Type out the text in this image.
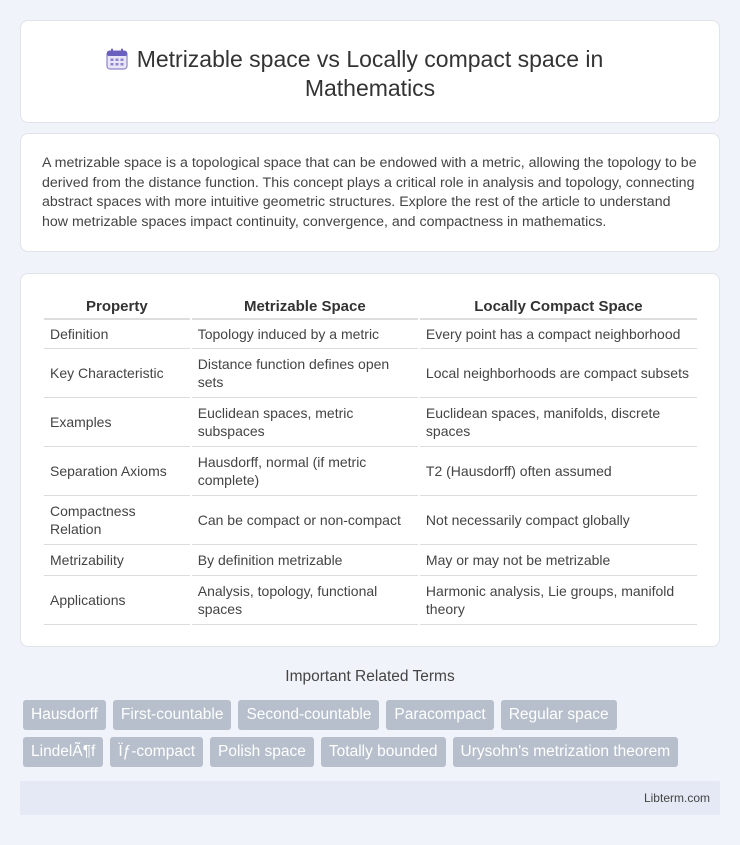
Metrizable space vs Locally compact space in Mathematics

A metrizable space is a topological space that can be endowed with a metric, allowing the topology to be derived from the distance function. This concept plays a critical role in analysis and topology, connecting abstract spaces with more intuitive geometric structures. Explore the rest of the article to understand how metrizable spaces impact continuity, convergence, and compactness in mathematics.

Property	Metrizable Space	Locally Compact Space
Definition	Topology induced by a metric	Every point has a compact neighborhood
Key Characteristic	Distance function defines open sets	Local neighborhoods are compact subsets
Examples	Euclidean spaces, metric subspaces	Euclidean spaces, manifolds, discrete spaces
Separation Axioms	Hausdorff, normal (if metric complete)	T2 (Hausdorff) often assumed
Compactness Relation	Can be compact or non-compact	Not necessarily compact globally
Metrizability	By definition metrizable	May or may not be metrizable
Applications	Analysis, topology, functional spaces	Harmonic analysis, Lie groups, manifold theory
Important Related Terms
Hausdorff	First-countable	Second-countable	Paracompact	Regular space
LindelÃ¶f	Ïƒ-compact	Polish space	Totally bounded	Urysohn's metrization theorem
Libterm.com
